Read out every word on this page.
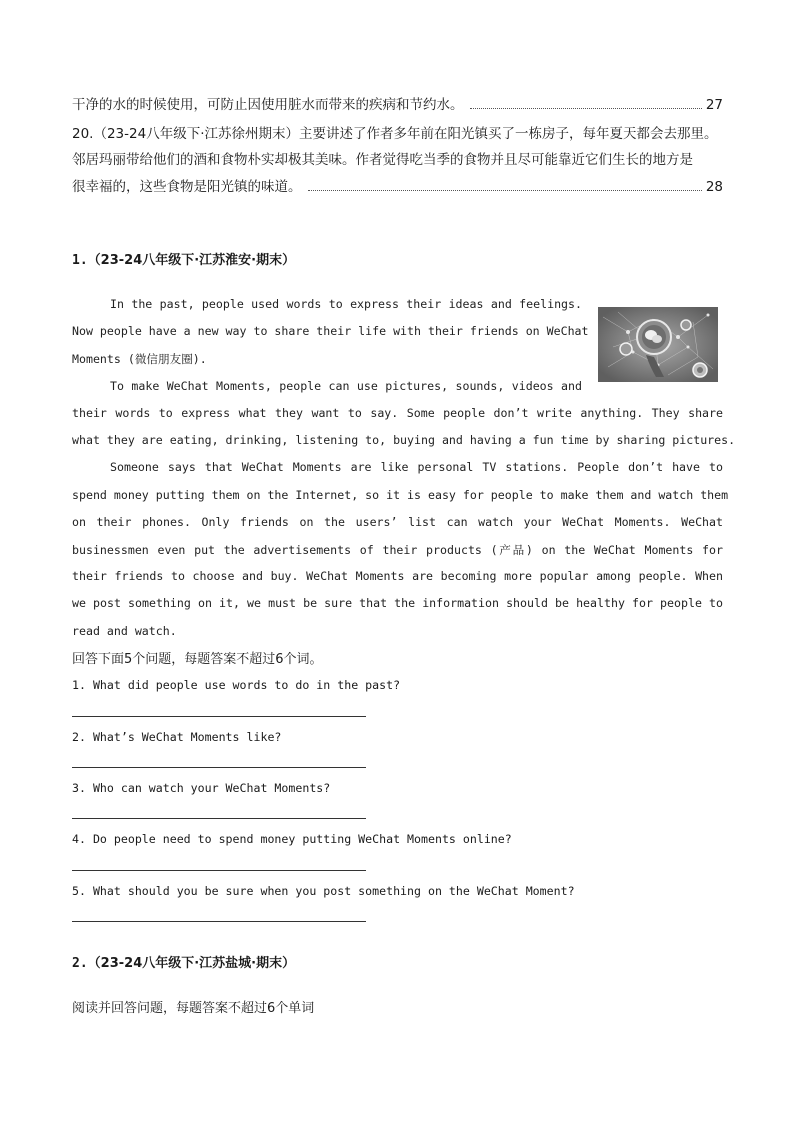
干净的水的时候使用，可防止因使用脏水而带来的疾病和节约水。	27
20.（23-24八年级下·江苏徐州期末）主要讲述了作者多年前在阳光镇买了一栋房子，每年夏天都会去那里。
邻居玛丽带给他们的酒和食物朴实却极其美味。作者觉得吃当季的食物并且尽可能靠近它们生长的地方是
很幸福的，这些食物是阳光镇的味道。	28
1.（23-24八年级下·江苏淮安·期末）
In the past, people used words to express their ideas and feelings.
Now people have a new way to share their life with their friends on WeChat
Moments (微信朋友圈).
To make WeChat Moments, people can use pictures, sounds, videos and
their words to express what they want to say. Some people don’t write anything. They share
what they are eating, drinking, listening to, buying and having a fun time by sharing pictures.
Someone says that WeChat Moments are like personal TV stations. People don’t have to
spend money putting them on the Internet, so it is easy for people to make them and watch them
on their phones. Only friends on the users’ list can watch your WeChat Moments. WeChat
businessmen even put the advertisements of their products (产品) on the WeChat Moments for
their friends to choose and buy. WeChat Moments are becoming more popular among people. When
we post something on it, we must be sure that the information should be healthy for people to
read and watch.
回答下面5个问题，每题答案不超过6个词。
1. What did people use words to do in the past?
2. What’s WeChat Moments like?
3. Who can watch your WeChat Moments?
4. Do people need to spend money putting WeChat Moments online?
5. What should you be sure when you post something on the WeChat Moment?
2.（23-24八年级下·江苏盐城·期末）
阅读并回答问题，每题答案不超过6个单词
